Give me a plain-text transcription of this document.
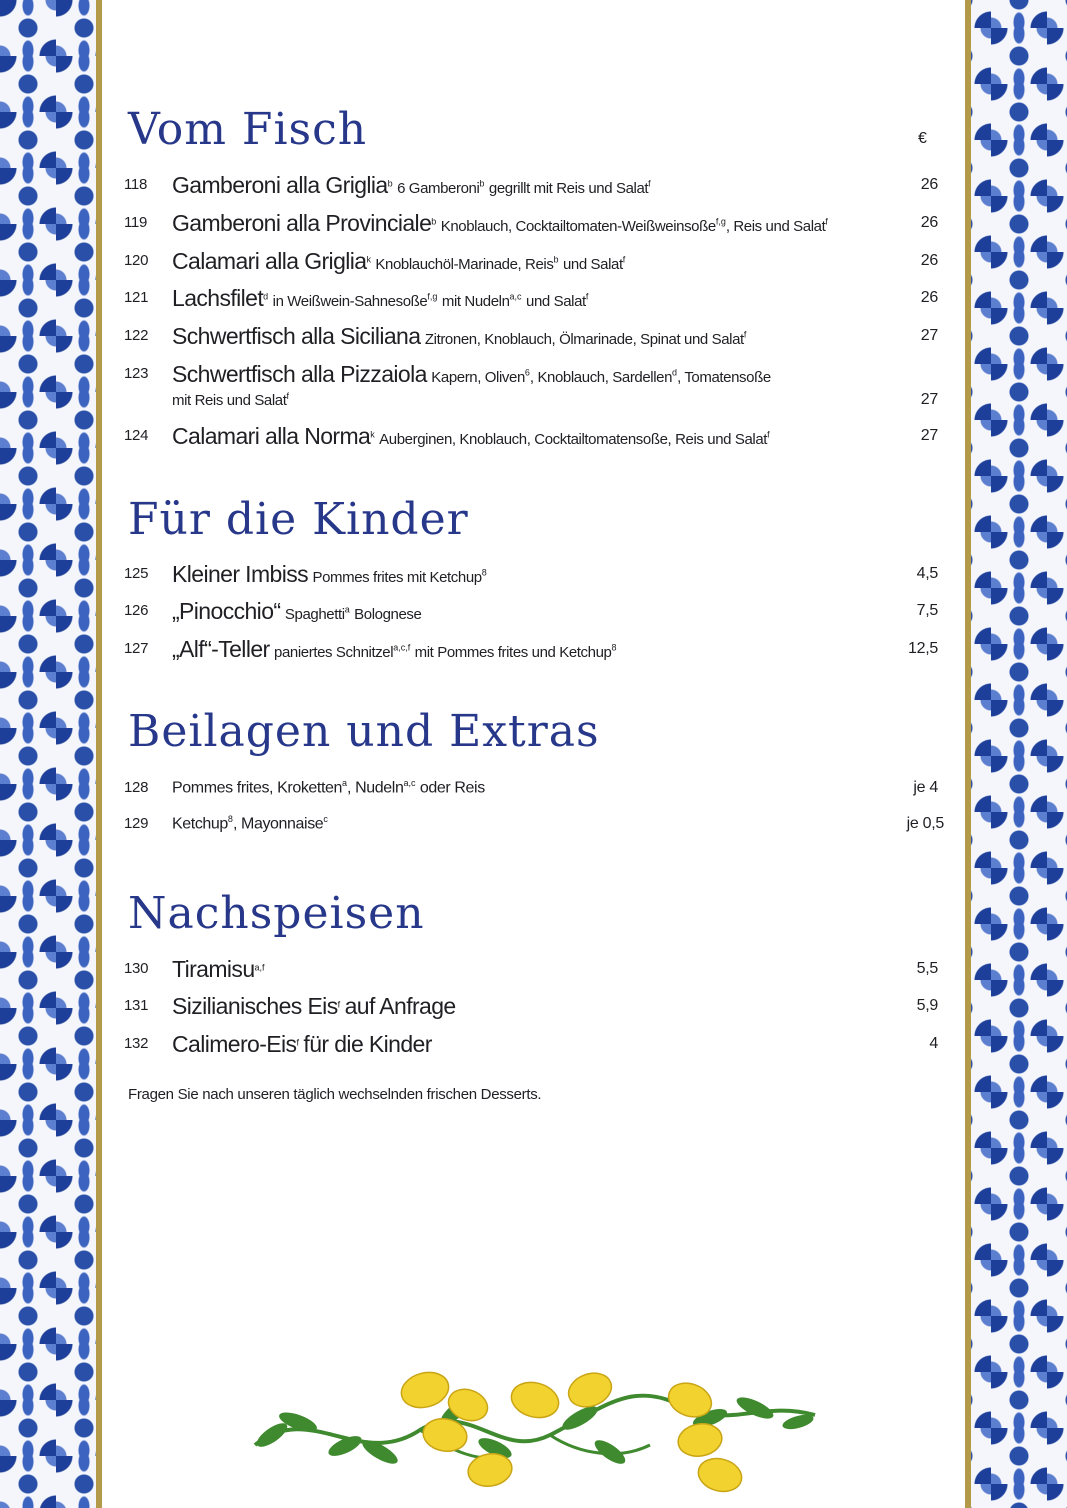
Vom Fisch	€
118	Gamberoni alla Griglia$^b$ 6 Gamberoni$^b$ gegrillt mit Reis und Salat$^f$	26
119	Gamberoni alla Provinciale$^b$ Knoblauch, Cocktailtomaten-Weißweinsoße$^{f,g}$, Reis und Salat$^f$	26
120	Calamari alla Griglia$^k$ Knoblauchöl-Marinade, Reis$^b$ und Salat$^f$	26
121	Lachsfilet$^d$ in Weißwein-Sahnesoße$^{f,g}$ mit Nudeln$^{a,c}$ und Salat$^f$	26
122	Schwertfisch alla Siciliana Zitronen, Knoblauch, Ölmarinade, Spinat und Salat$^f$	27
123	Schwertfisch alla Pizzaiola Kapern, Oliven$^6$, Knoblauch, Sardellen$^d$, Tomatensoße
mit Reis und Salat$^f$	27
124	Calamari alla Norma$^k$ Auberginen, Knoblauch, Cocktailtomatensoße, Reis und Salat$^f$	27
Für die Kinder
125	Kleiner Imbiss Pommes frites mit Ketchup$^8$	4,5
126	„Pinocchio“ Spaghetti$^a$ Bolognese	7,5
127	„Alf“-Teller paniertes Schnitzel$^{a,c,f}$ mit Pommes frites und Ketchup$^8$	12,5
Beilagen und Extras
128	Pommes frites, Kroketten$^a$, Nudeln$^{a,c}$ oder Reis	je 4
129	Ketchup$^8$, Mayonnaise$^c$	je 0,5
Nachspeisen
130	Tiramisu$^{a,f}$	5,5
131	Sizilianisches Eis$^f$ auf Anfrage	5,9
132	Calimero-Eis$^f$ für die Kinder	4
Fragen Sie nach unseren täglich wechselnden frischen Desserts.
